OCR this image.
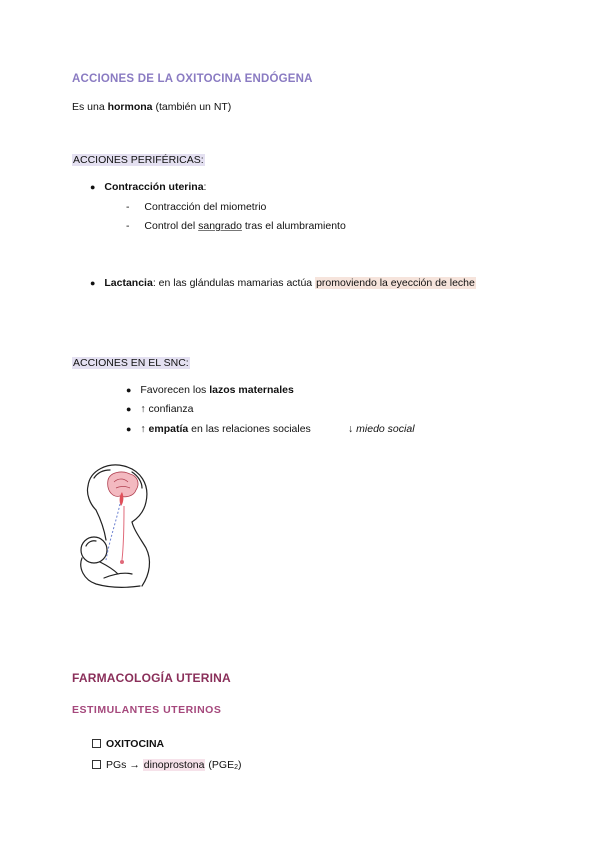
ACCIONES DE LA OXITOCINA ENDÓGENA
Es una hormona (también un NT)
ACCIONES PERIFÉRICAS:
● Contracción uterina:
- Contracción del miometrio
- Control del sangrado tras el alumbramiento
● Lactancia: en las glándulas mamarias actúa promoviendo la eyección de leche
ACCIONES EN EL SNC:
● Favorecen los lazos maternales
● ↑ confianza
● ↑ empatía en las relaciones sociales	↓ miedo social
FARMACOLOGÍA UTERINA
ESTIMULANTES UTERINOS
OXITOCINA
PGs → dinoprostona $(PGE_2)$
